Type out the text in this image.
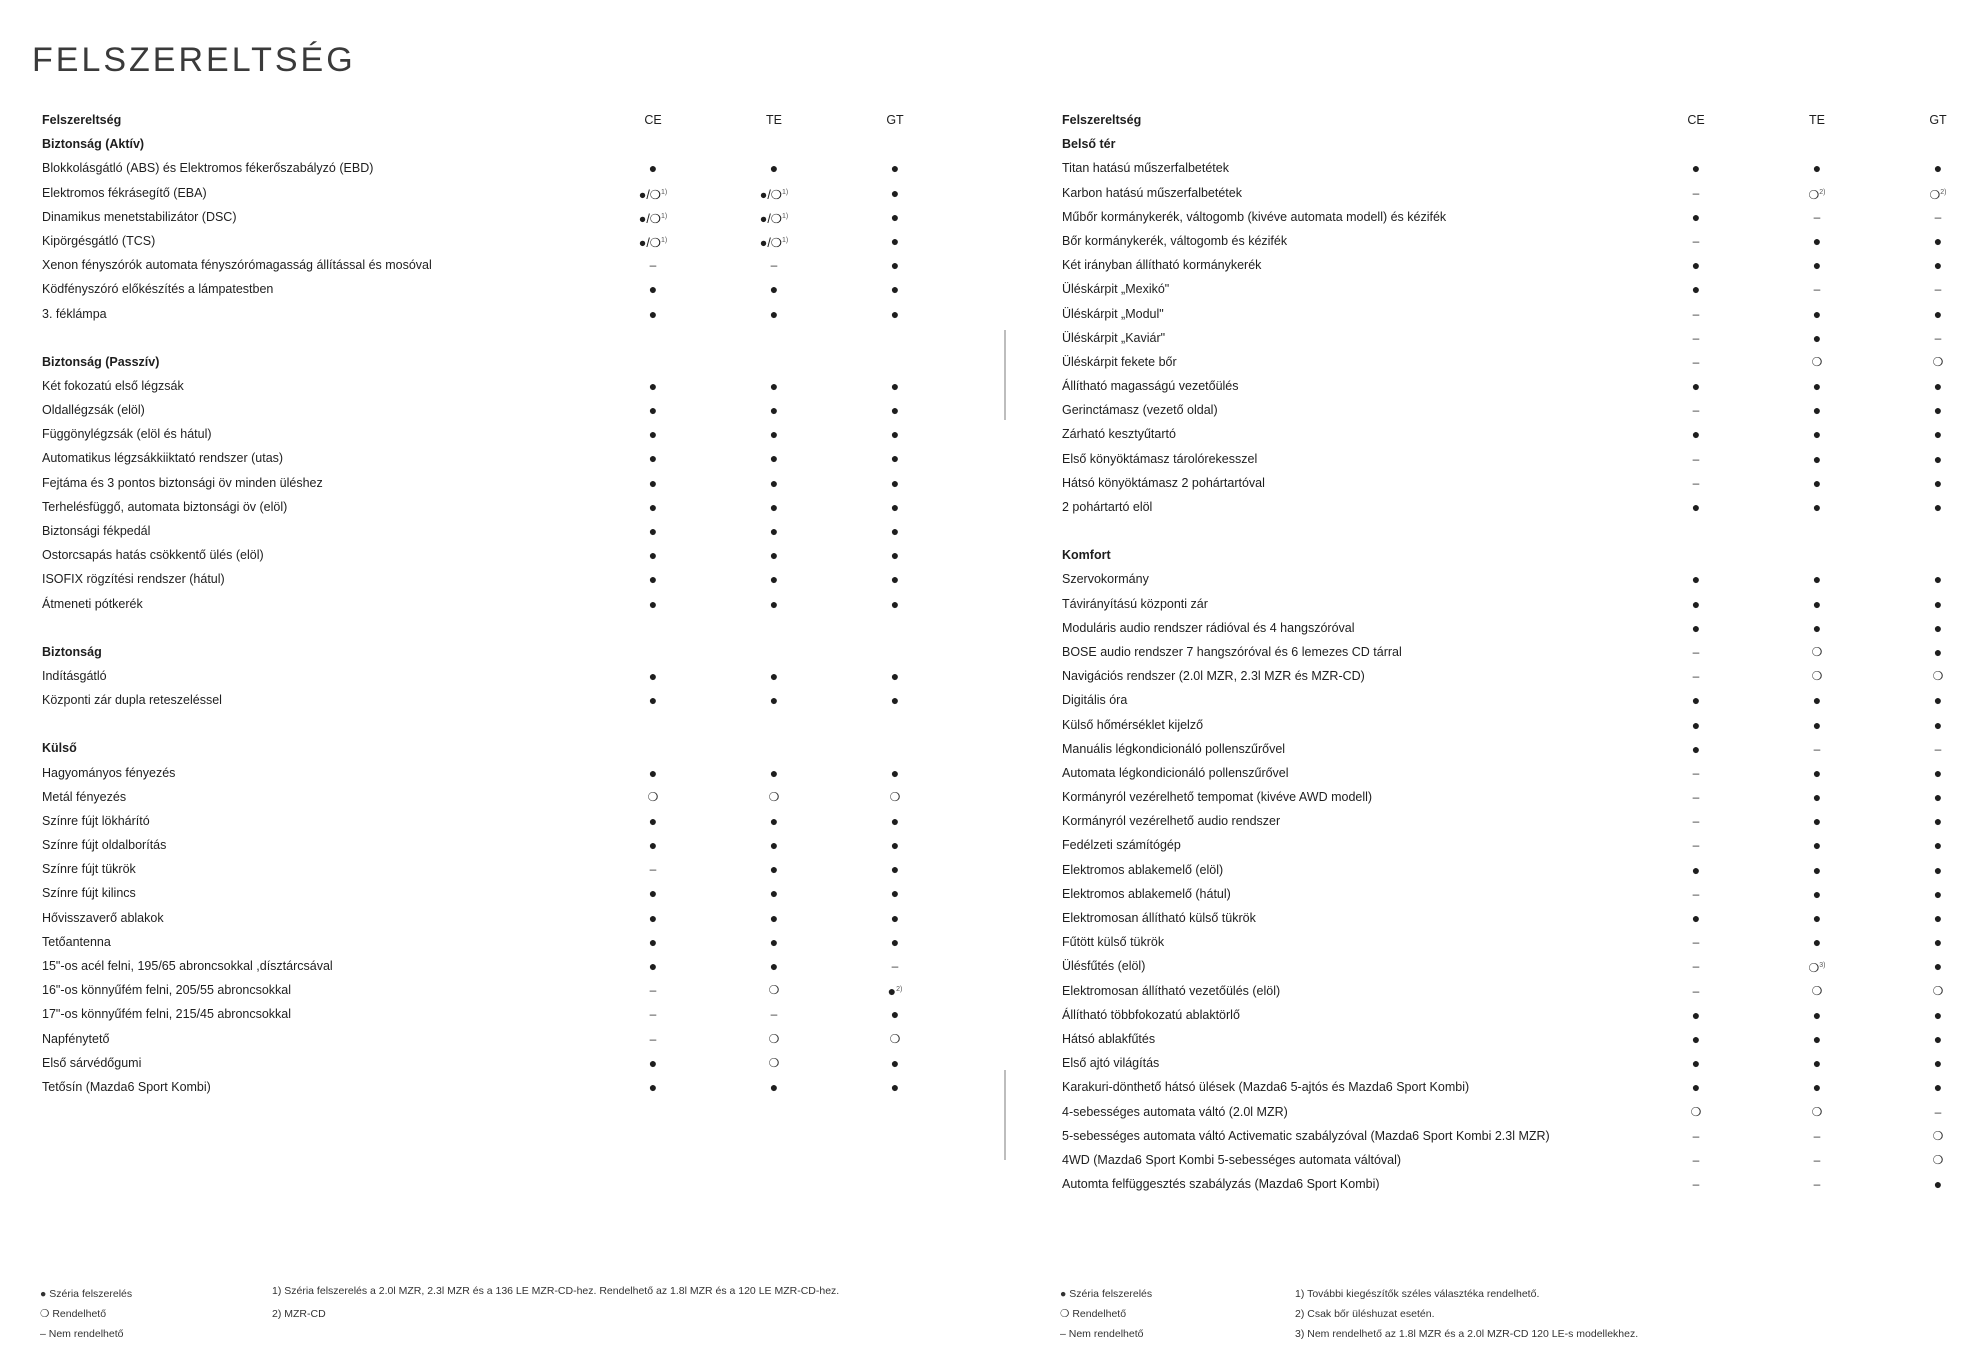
FELSZERELTSÉG
Felszereltség	CE	TE	GT
Biztonság (Aktív)
Blokkolásgátló (ABS) és Elektromos fékerőszabályzó (EBD)	●	●	●
Elektromos fékrásegítő (EBA)	●/❍$^{1)}$	●/❍$^{1)}$	●
Dinamikus menetstabilizátor (DSC)	●/❍$^{1)}$	●/❍$^{1)}$	●
Kipörgésgátló (TCS)	●/❍$^{1)}$	●/❍$^{1)}$	●
Xenon fényszórók automata fényszórómagasság állítással és mosóval	–	–	●
Ködfényszóró előkészítés a lámpatestben	●	●	●
3. féklámpa	●	●	●
Biztonság (Passzív)
Két fokozatú első légzsák	●	●	●
Oldallégzsák (elöl)	●	●	●
Függönylégzsák (elöl és hátul)	●	●	●
Automatikus légzsákkiiktató rendszer (utas)	●	●	●
Fejtáma és 3 pontos biztonsági öv minden üléshez	●	●	●
Terhelésfüggő, automata biztonsági öv (elöl)	●	●	●
Biztonsági fékpedál	●	●	●
Ostorcsapás hatás csökkentő ülés (elöl)	●	●	●
ISOFIX rögzítési rendszer (hátul)	●	●	●
Átmeneti pótkerék	●	●	●
Biztonság
Indításgátló	●	●	●
Központi zár dupla reteszeléssel	●	●	●
Külső
Hagyományos fényezés	●	●	●
Metál fényezés	❍	❍	❍
Színre fújt lökhárító	●	●	●
Színre fújt oldalborítás	●	●	●
Színre fújt tükrök	–	●	●
Színre fújt kilincs	●	●	●
Hővisszaverő ablakok	●	●	●
Tetőantenna	●	●	●
15"-os acél felni, 195/65 abroncsokkal ,dísztárcsával	●	●	–
16"-os könnyűfém felni, 205/55 abroncsokkal	–	❍	●$^{2)}$
17"-os könnyűfém felni, 215/45 abroncsokkal	–	–	●
Napfénytető	–	❍	❍
Első sárvédőgumi	●	❍	●
Tetősín (Mazda6 Sport Kombi)	●	●	●
Felszereltség	CE	TE	GT
Belső tér
Titan hatású műszerfalbetétek	●	●	●
Karbon hatású műszerfalbetétek	–	❍$^{2)}$	❍$^{2)}$
Műbőr kormánykerék, váltogomb (kivéve automata modell) és kézifék	●	–	–
Bőr kormánykerék, váltogomb és kézifék	–	●	●
Két irányban állítható kormánykerék	●	●	●
Üléskárpit „Mexikó"	●	–	–
Üléskárpit „Modul"	–	●	●
Üléskárpit „Kaviár"	–	●	–
Üléskárpit fekete bőr	–	❍	❍
Állítható magasságú vezetőülés	●	●	●
Gerinctámasz (vezető oldal)	–	●	●
Zárható kesztyűtartó	●	●	●
Első könyöktámasz tárolórekesszel	–	●	●
Hátsó könyöktámasz 2 pohártartóval	–	●	●
2 pohártartó elöl	●	●	●
Komfort
Szervokormány	●	●	●
Távirányítású központi zár	●	●	●
Moduláris audio rendszer rádióval és 4 hangszóróval	●	●	●
BOSE audio rendszer 7 hangszóróval és 6 lemezes CD tárral	–	❍	●
Navigációs rendszer (2.0l MZR, 2.3l MZR és MZR-CD)	–	❍	❍
Digitális óra	●	●	●
Külső hőmérséklet kijelző	●	●	●
Manuális légkondicionáló pollenszűrővel	●	–	–
Automata légkondicionáló pollenszűrővel	–	●	●
Kormányról vezérelhető tempomat (kivéve AWD modell)	–	●	●
Kormányról vezérelhető audio rendszer	–	●	●
Fedélzeti számítógép	–	●	●
Elektromos ablakemelő (elöl)	●	●	●
Elektromos ablakemelő (hátul)	–	●	●
Elektromosan állítható külső tükrök	●	●	●
Fűtött külső tükrök	–	●	●
Ülésfűtés (elöl)	–	❍$^{3)}$	●
Elektromosan állítható vezetőülés (elöl)	–	❍	❍
Állítható többfokozatú ablaktörlő	●	●	●
Hátsó ablakfűtés	●	●	●
Első ajtó világítás	●	●	●
Karakuri-dönthető hátsó ülések (Mazda6 5-ajtós és Mazda6 Sport Kombi)	●	●	●
4-sebességes automata váltó (2.0l MZR)	❍	❍	–
5-sebességes automata váltó Activematic szabályzóval (Mazda6 Sport Kombi 2.3l MZR)	–	–	❍
4WD (Mazda6 Sport Kombi 5-sebességes automata váltóval)	–	–	❍
Automta felfüggesztés szabályzás (Mazda6 Sport Kombi)	–	–	●
● Széria felszerelés
❍ Rendelhető
– Nem rendelhető
1) Széria felszerelés a 2.0l MZR, 2.3l MZR és a 136 LE MZR-CD-hez. Rendelhető az 1.8l MZR és a 120 LE MZR-CD-hez.
2) MZR-CD
● Széria felszerelés
❍ Rendelhető
– Nem rendelhető
1) További kiegészítők széles választéka rendelhető.
2) Csak bőr üléshuzat esetén.
3) Nem rendelhető az 1.8l MZR és a 2.0l MZR-CD 120 LE-s modellekhez.
